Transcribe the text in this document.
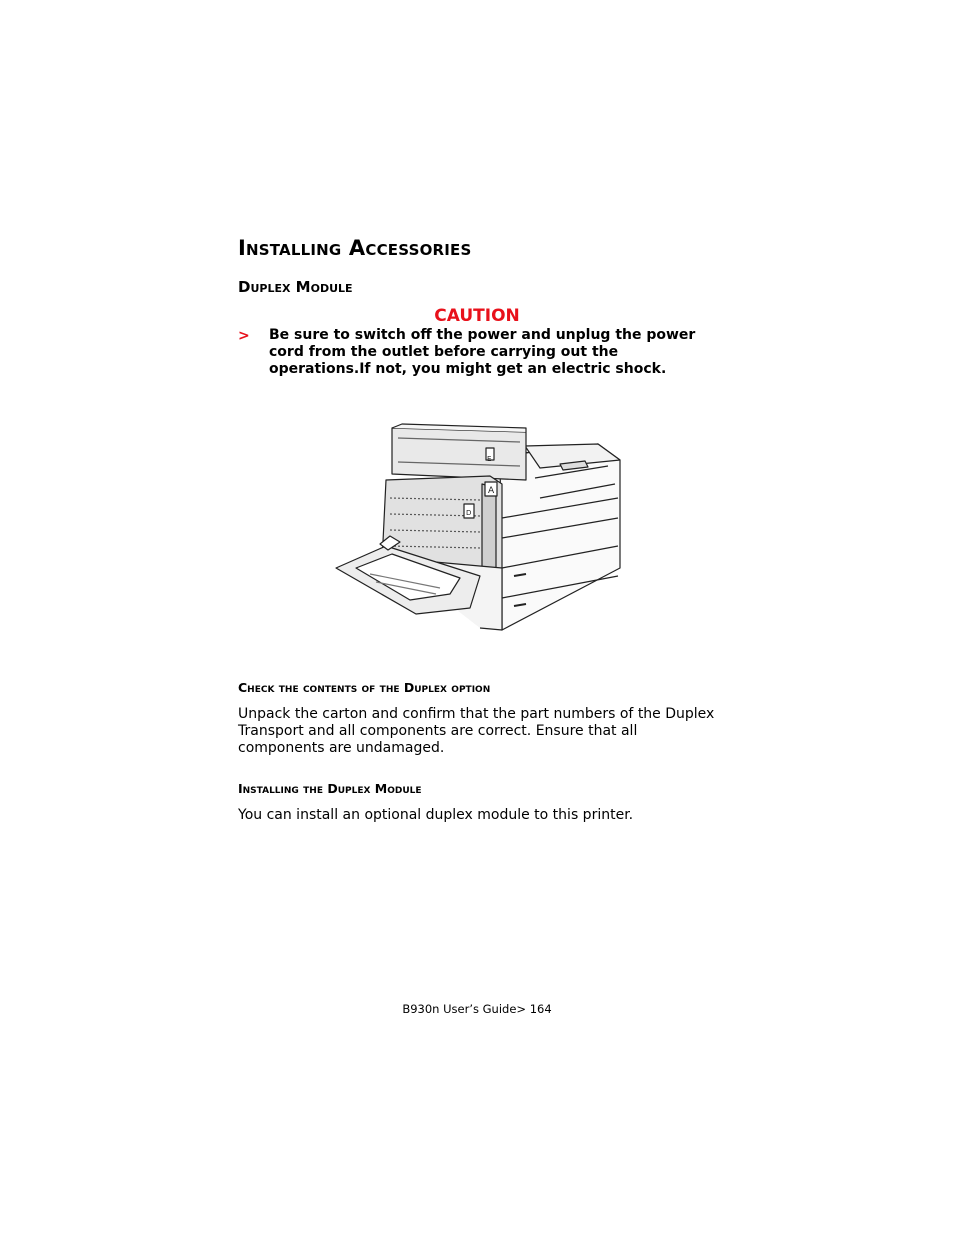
Installing Accessories
Duplex Module
CAUTION
> Be sure to switch off the power and unplug the power cord from the outlet before carrying out the operations.If not, you might get an electric shock.
E
A
D
Check the contents of the Duplex option
Unpack the carton and confirm that the part numbers of the Duplex Transport and all components are correct. Ensure that all components are undamaged.
Installing the Duplex Module
You can install an optional duplex module to this printer.
B930n User’s Guide> 164
